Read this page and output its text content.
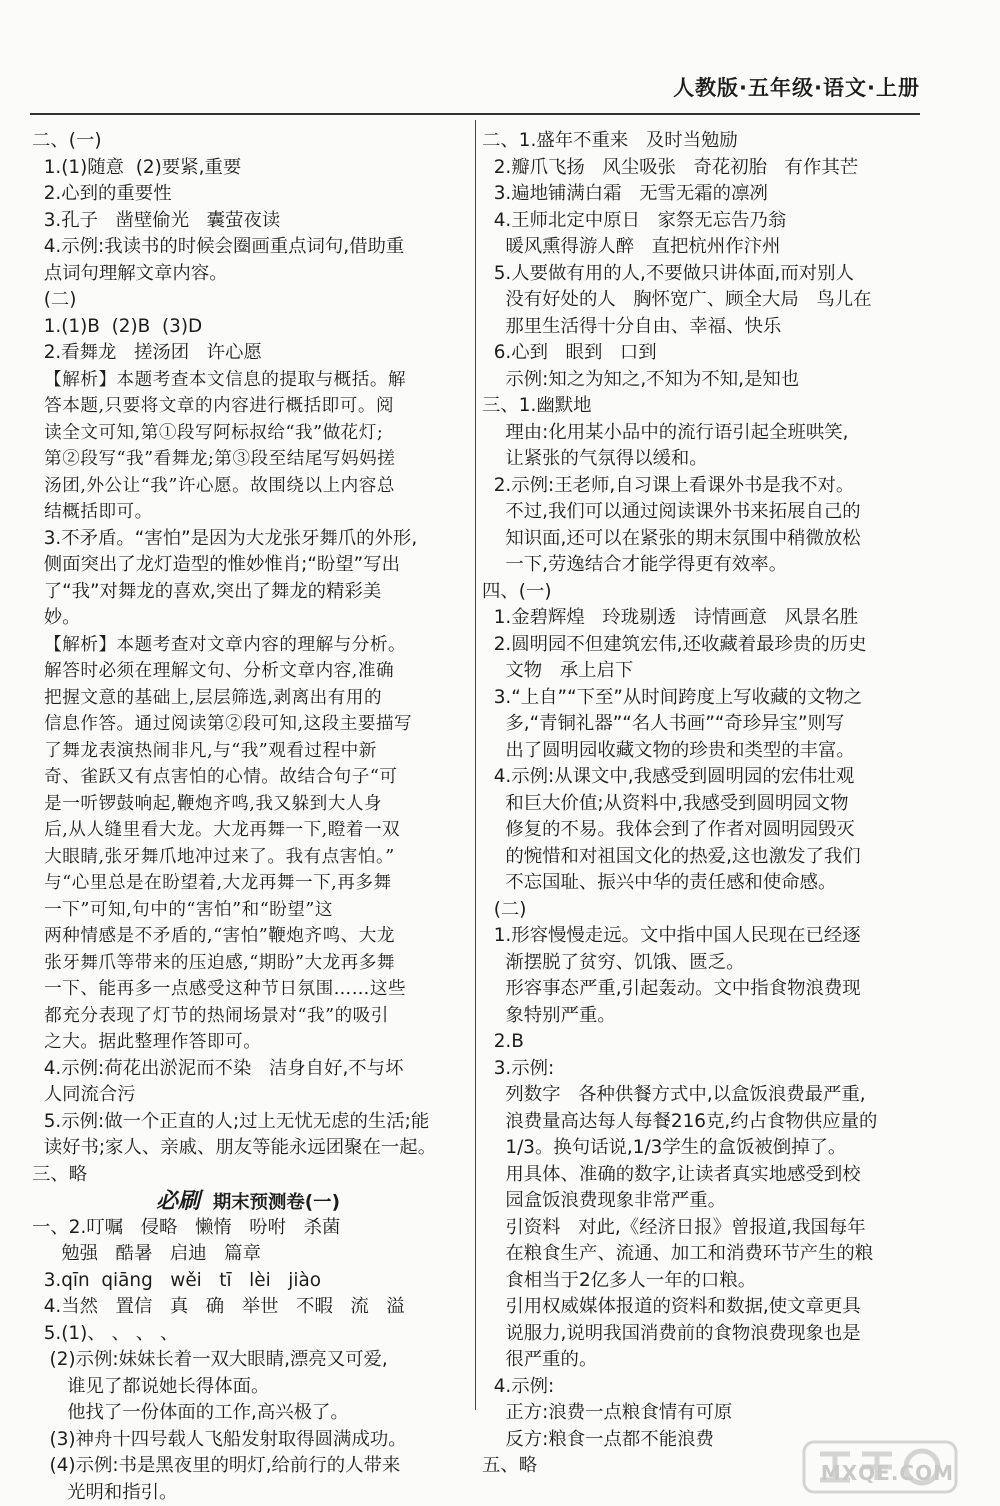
人教版·五年级·语文·上册
二、(一)
1.(1)随意  (2)要紧,重要
2.心到的重要性
3.孔子   凿壁偷光   囊萤夜读
4.示例:我读书的时候会圈画重点词句,借助重
点词句理解文章内容。
(二)
1.(1)B  (2)B  (3)D
2.看舞龙   搓汤团   许心愿
【解析】本题考查本文信息的提取与概括。解
答本题,只要将文章的内容进行概括即可。阅
读全文可知,第①段写阿标叔给“我”做花灯;
第②段写“我”看舞龙;第③段至结尾写妈妈搓
汤团,外公让“我”许心愿。故围绕以上内容总
结概括即可。
3.不矛盾。“害怕”是因为大龙张牙舞爪的外形,
侧面突出了龙灯造型的惟妙惟肖;“盼望”写出
了“我”对舞龙的喜欢,突出了舞龙的精彩美
妙。
【解析】本题考查对文章内容的理解与分析。
解答时必须在理解文句、分析文章内容,准确
把握文意的基础上,层层筛选,剥离出有用的
信息作答。通过阅读第②段可知,这段主要描写
了舞龙表演热闹非凡,与“我”观看过程中新
奇、雀跃又有点害怕的心情。故结合句子“可
是一听锣鼓响起,鞭炮齐鸣,我又躲到大人身
后,从人缝里看大龙。大龙再舞一下,瞪着一双
大眼睛,张牙舞爪地冲过来了。我有点害怕。”
与“心里总是在盼望着,大龙再舞一下,再多舞
一下”可知,句中的“害怕”和“盼望”这
两种情感是不矛盾的,“害怕”鞭炮齐鸣、大龙
张牙舞爪等带来的压迫感,“期盼”大龙再多舞
一下、能再多一点感受这种节日氛围……这些
都充分表现了灯节的热闹场景对“我”的吸引
之大。据此整理作答即可。
4.示例:荷花出淤泥而不染   洁身自好,不与坏
人同流合污
5.示例:做一个正直的人;过上无忧无虑的生活;能
读好书;家人、亲戚、朋友等能永远团聚在一起。
三、略
必刷 期末预测卷(一)
一、2.叮嘱   侵略   懒惰   吩咐   杀菌
勉强   酷暑   启迪   篇章
3.qīn  qiāng   wěi   tī   lèi   jiào
4.当然   置信   真   确   举世   不暇   流   溢
5.(1)、 、 、 、
(2)示例:妹妹长着一双大眼睛,漂亮又可爱,
谁见了都说她长得体面。
他找了一份体面的工作,高兴极了。
(3)神舟十四号载人飞船发射取得圆满成功。
(4)示例:书是黑夜里的明灯,给前行的人带来
光明和指引。
二、1.盛年不重来   及时当勉励
2.瓣爪飞扬   风尘吸张   奇花初胎   有作其芒
3.遍地铺满白霜   无雪无霜的凛冽
4.王师北定中原日   家祭无忘告乃翁
暖风熏得游人醉   直把杭州作汴州
5.人要做有用的人,不要做只讲体面,而对别人
没有好处的人   胸怀宽广、顾全大局   鸟儿在
那里生活得十分自由、幸福、快乐
6.心到   眼到   口到
示例:知之为知之,不知为不知,是知也
三、1.幽默地
理由:化用某小品中的流行语引起全班哄笑,
让紧张的气氛得以缓和。
2.示例:王老师,自习课上看课外书是我不对。
不过,我们可以通过阅读课外书来拓展自己的
知识面,还可以在紧张的期末氛围中稍微放松
一下,劳逸结合才能学得更有效率。
四、(一)
1.金碧辉煌   玲珑剔透   诗情画意   风景名胜
2.圆明园不但建筑宏伟,还收藏着最珍贵的历史
文物   承上启下
3.“上自”“下至”从时间跨度上写收藏的文物之
多,“青铜礼器”“名人书画”“奇珍异宝”则写
出了圆明园收藏文物的珍贵和类型的丰富。
4.示例:从课文中,我感受到圆明园的宏伟壮观
和巨大价值;从资料中,我感受到圆明园文物
修复的不易。我体会到了作者对圆明园毁灭
的惋惜和对祖国文化的热爱,这也激发了我们
不忘国耻、振兴中华的责任感和使命感。
(二)
1.形容慢慢走远。文中指中国人民现在已经逐
渐摆脱了贫穷、饥饿、匮乏。
形容事态严重,引起轰动。文中指食物浪费现
象特别严重。
2.B
3.示例:
列数字   各种供餐方式中,以盒饭浪费最严重,
浪费量高达每人每餐216克,约占食物供应量的
1/3。换句话说,1/3学生的盒饭被倒掉了。
用具体、准确的数字,让读者真实地感受到校
园盒饭浪费现象非常严重。
引资料   对此,《经济日报》曾报道,我国每年
在粮食生产、流通、加工和消费环节产生的粮
食相当于2亿多人一年的口粮。
引用权威媒体报道的资料和数据,使文章更具
说服力,说明我国消费前的食物浪费现象也是
很严重的。
4.示例:
正方:浪费一点粮食情有可原
反方:粮食一点都不能浪费
五、略	MXQE.COM
